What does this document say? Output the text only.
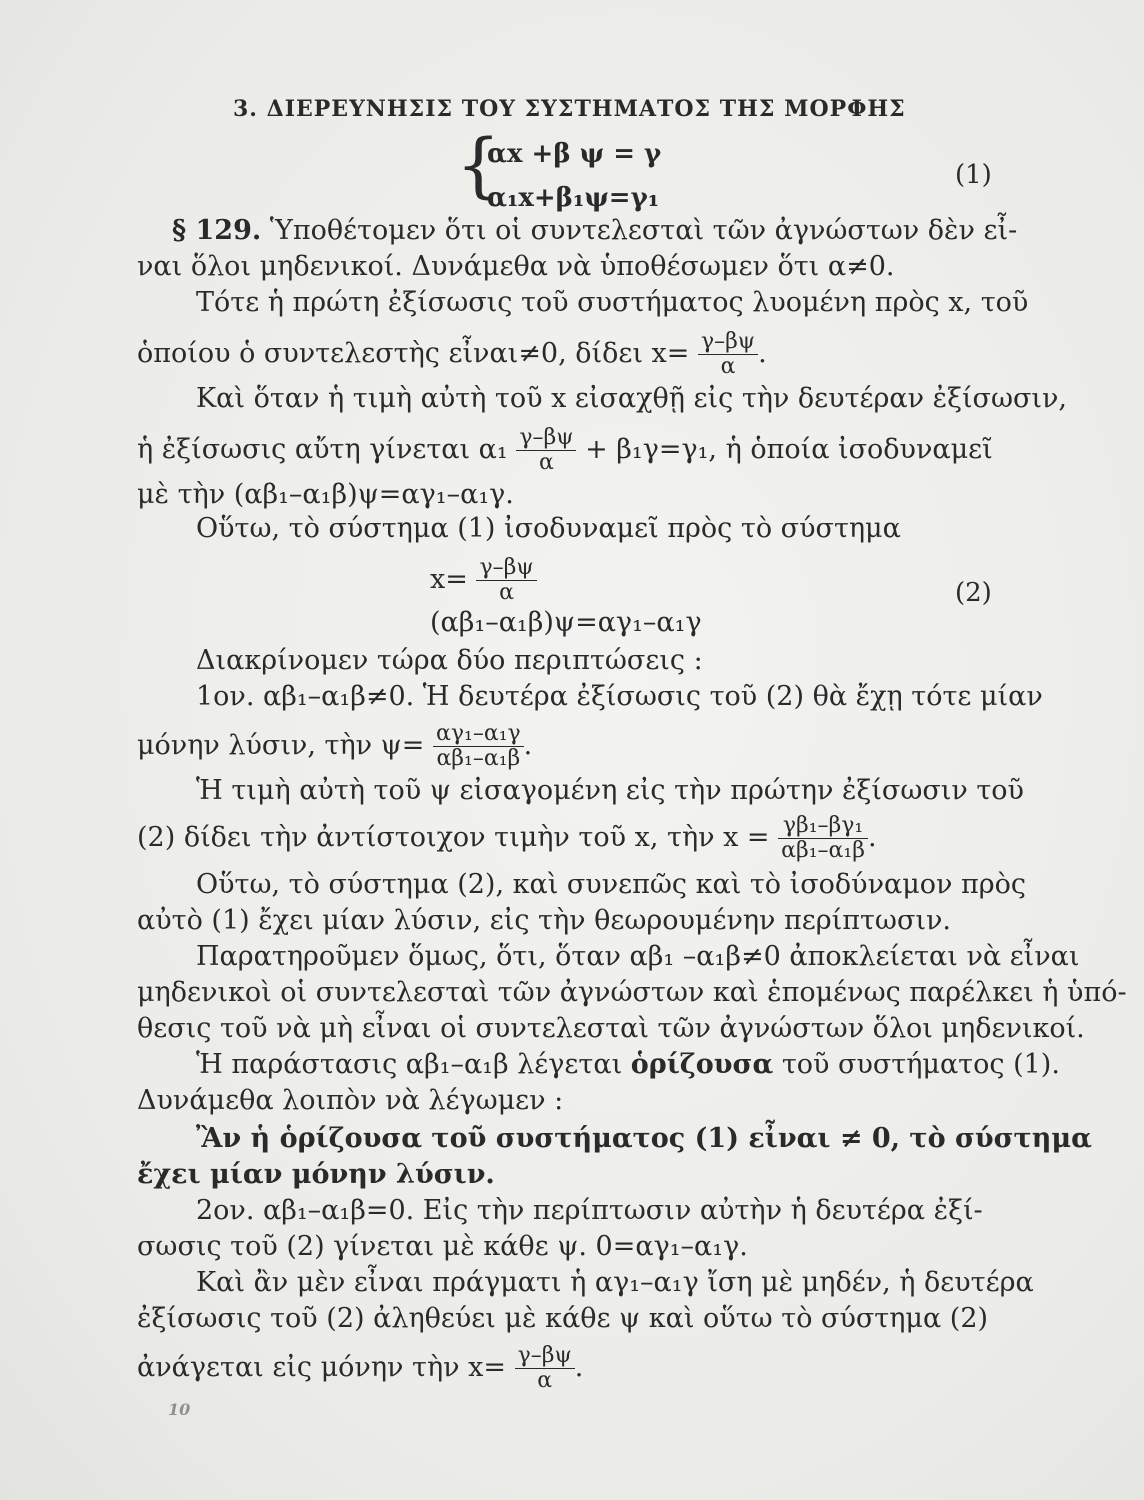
3. ΔΙΕΡΕΥΝΗΣΙΣ ΤΟΥ ΣΥΣΤΗΜΑΤΟΣ ΤΗΣ ΜΟΡΦΗΣ
{
αx +β ψ = γ
α₁x+β₁ψ=γ₁
(1)
§ 129. Ὑποθέτομεν ὅτι οἱ συντελεσταὶ τῶν ἀγνώστων δὲν εἶ-
ναι ὅλοι μηδενικοί. Δυνάμεθα νὰ ὑποθέσωμεν ὅτι α≠0.
Τότε ἡ πρώτη ἐξίσωσις τοῦ συστήματος λυομένη πρὸς x, τοῦ
ὁποίου ὁ συντελεστὴς εἶναι≠0, δίδει $x= \frac{\gamma-\beta\psi}{\alpha}$ .
Καὶ ὅταν ἡ τιμὴ αὐτὴ τοῦ x εἰσαχθῇ εἰς τὴν δευτέραν ἐξίσωσιν,
ἡ ἐξίσωσις αὔτη γίνεται $\alpha_1 \frac{\gamma-\beta\psi}{\alpha} + \beta_1\gamma=\gamma_1$, ἡ ὁποία ἰσοδυναμεῖ
μὲ τὴν (αβ₁–α₁β)ψ=αγ₁–α₁γ.
Οὕτω, τὸ σύστημα (1) ἰσοδυναμεῖ πρὸς τὸ σύστημα
$x= \frac{\gamma-\beta\psi}{\alpha}$
(αβ₁–α₁β)ψ=αγ₁–α₁γ
(2)
Διακρίνομεν τώρα δύο περιπτώσεις :
1ον. αβ₁–α₁β≠0. Ἡ δευτέρα ἐξίσωσις τοῦ (2) θὰ ἔχῃ τότε μίαν
μόνην λύσιν, τὴν $\psi= \frac{\text{αγ₁–α₁γ}}{\text{αβ₁–α₁β}}$ .
Ἡ τιμὴ αὐτὴ τοῦ ψ εἰσαγομένη εἰς τὴν πρώτην ἐξίσωσιν τοῦ
(2) δίδει τὴν ἀντίστοιχον τιμὴν τοῦ x, τὴν $x = \frac{\text{γβ₁–βγ₁}}{\text{αβ₁–α₁β}}$ .
Οὕτω, τὸ σύστημα (2), καὶ συνεπῶς καὶ τὸ ἰσοδύναμον πρὸς
αὐτὸ (1) ἔχει μίαν λύσιν, εἰς τὴν θεωρουμένην περίπτωσιν.
Παρατηροῦμεν ὅμως, ὅτι, ὅταν αβ₁ –α₁β≠0 ἀποκλείεται νὰ εἶναι
μηδενικοὶ οἱ συντελεσταὶ τῶν ἀγνώστων καὶ ἑπομένως παρέλκει ἡ ὑπό-
θεσις τοῦ νὰ μὴ εἶναι οἱ συντελεσταὶ τῶν ἀγνώστων ὅλοι μηδενικοί.
Ἡ παράστασις αβ₁–α₁β λέγεται ὁρίζουσα τοῦ συστήματος (1).
Δυνάμεθα λοιπὸν νὰ λέγωμεν :
Ἂν ἡ ὁρίζουσα τοῦ συστήματος (1) εἶναι ≠ 0, τὸ σύστημα
ἔχει μίαν μόνην λύσιν.
2ον. αβ₁–α₁β=0. Εἰς τὴν περίπτωσιν αὐτὴν ἡ δευτέρα ἐξί-
σωσις τοῦ (2) γίνεται μὲ κάθε ψ. 0=αγ₁–α₁γ.
Καὶ ἂν μὲν εἶναι πράγματι ἡ αγ₁–α₁γ ἴση μὲ μηδέν, ἡ δευτέρα
ἐξίσωσις τοῦ (2) ἀληθεύει μὲ κάθε ψ καὶ οὕτω τὸ σύστημα (2)
ἀνάγεται εἰς μόνην τὴν $x= \frac{\gamma-\beta\psi}{\alpha}$ .
10
